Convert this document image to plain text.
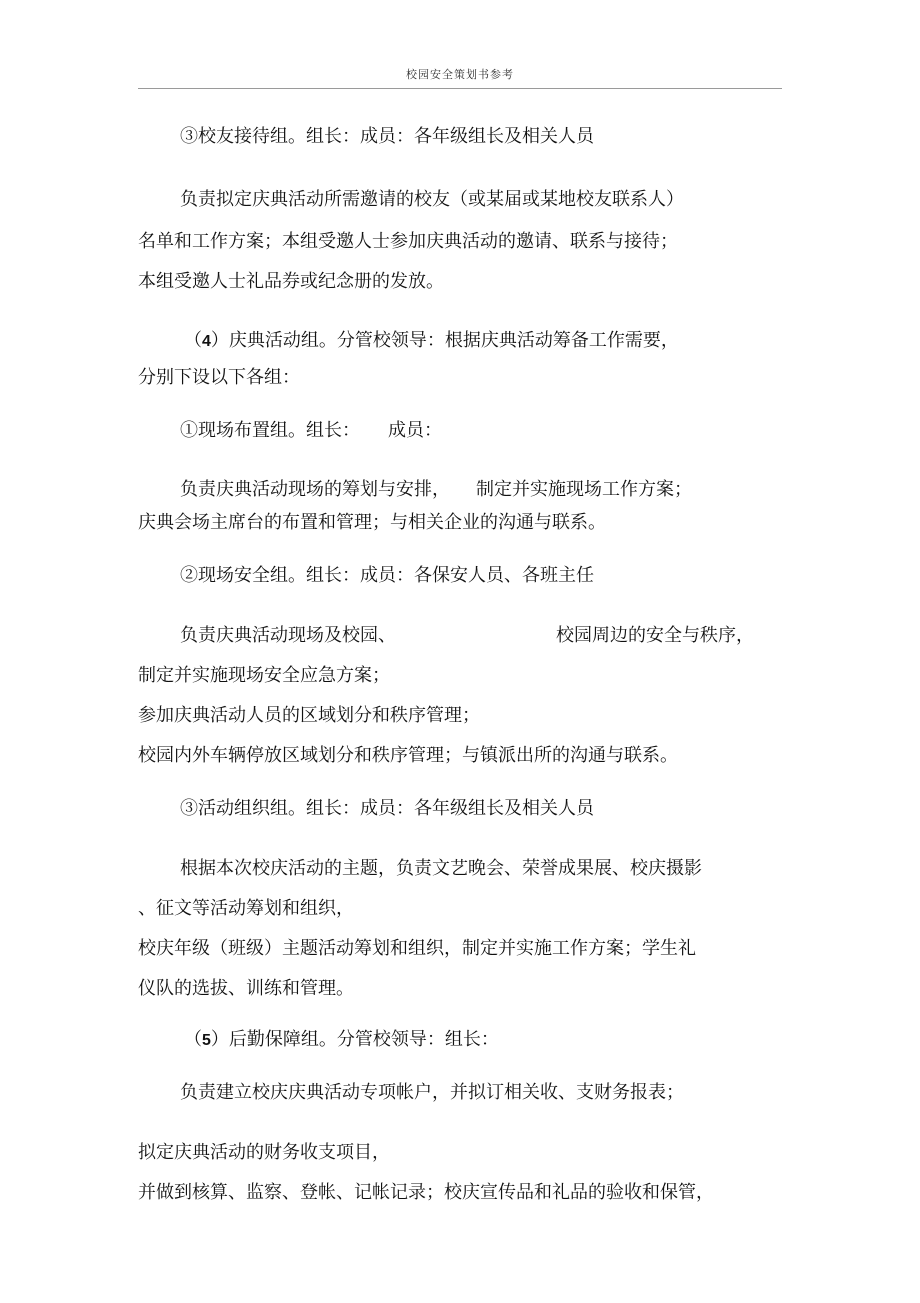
校园安全策划书参考
③校友接待组。组长：成员：各年级组长及相关人员
负责拟定庆典活动所需邀请的校友（或某届或某地校友联系人）
名单和工作方案；本组受邀人士参加庆典活动的邀请、联系与接待；
本组受邀人士礼品券或纪念册的发放。
（4）庆典活动组。分管校领导：根据庆典活动筹备工作需要，
分别下设以下各组：
①现场布置组。组长： 成员：
负责庆典活动现场的筹划与安排， 制定并实施现场工作方案；
庆典会场主席台的布置和管理；与相关企业的沟通与联系。
②现场安全组。组长：成员：各保安人员、各班主任
负责庆典活动现场及校园、	校园周边的安全与秩序，
制定并实施现场安全应急方案；
参加庆典活动人员的区域划分和秩序管理；
校园内外车辆停放区域划分和秩序管理；与镇派出所的沟通与联系。
③活动组织组。组长：成员：各年级组长及相关人员
根据本次校庆活动的主题，负责文艺晚会、荣誉成果展、校庆摄影
、征文等活动筹划和组织，
校庆年级（班级）主题活动筹划和组织，制定并实施工作方案；学生礼
仪队的选拔、训练和管理。
（5）后勤保障组。分管校领导：组长：
负责建立校庆庆典活动专项帐户，并拟订相关收、支财务报表；
拟定庆典活动的财务收支项目，
并做到核算、监察、登帐、记帐记录；校庆宣传品和礼品的验收和保管，
